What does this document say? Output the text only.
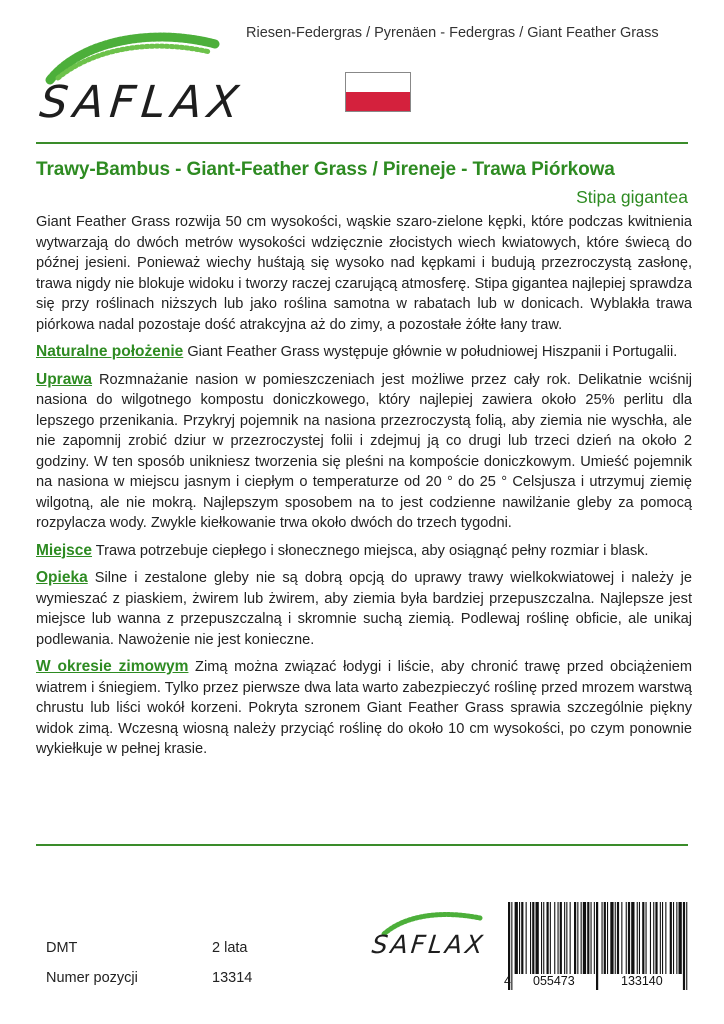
SAFLAX
Riesen-Federgras / Pyrenäen - Federgras / Giant Feather Grass
Trawy-Bambus - Giant-Feather Grass / Pireneje - Trawa Piórkowa
Stipa gigantea

Giant Feather Grass rozwija 50 cm wysokości, wąskie szaro-zielone kępki, które podczas kwitnienia wytwarzają do dwóch metrów wysokości wdzięcznie złocistych wiech kwiatowych, które świecą do późnej jesieni. Ponieważ wiechy huśtają się wysoko nad kępkami i budują przezroczystą zasłonę, trawa nigdy nie blokuje widoku i tworzy raczej czarującą atmosferę. Stipa gigantea najlepiej sprawdza się przy roślinach niższych lub jako roślina samotna w rabatach lub w donicach. Wyblakła trawa piórkowa nadal pozostaje dość atrakcyjna aż do zimy, a pozostałe żółte łany traw.

Naturalne położenie Giant Feather Grass występuje głównie w południowej Hiszpanii i Portugalii.

Uprawa Rozmnażanie nasion w pomieszczeniach jest możliwe przez cały rok. Delikatnie wciśnij nasiona do wilgotnego kompostu doniczkowego, który najlepiej zawiera około 25% perlitu dla lepszego przenikania. Przykryj pojemnik na nasiona przezroczystą folią, aby ziemia nie wyschła, ale nie zapomnij zrobić dziur w przezroczystej folii i zdejmuj ją co drugi lub trzeci dzień na około 2 godziny. W ten sposób unikniesz tworzenia się pleśni na kompoście doniczkowym. Umieść pojemnik na nasiona w miejscu jasnym i ciepłym o temperaturze od 20 ° do 25 ° Celsjusza i utrzymuj ziemię wilgotną, ale nie mokrą. Najlepszym sposobem na to jest codzienne nawilżanie gleby za pomocą rozpylacza wody. Zwykle kiełkowanie trwa około dwóch do trzech tygodni.

Miejsce Trawa potrzebuje ciepłego i słonecznego miejsca, aby osiągnąć pełny rozmiar i blask.

Opieka Silne i zestalone gleby nie są dobrą opcją do uprawy trawy wielkokwiatowej i należy je wymieszać z piaskiem, żwirem lub żwirem, aby ziemia była bardziej przepuszczalna. Najlepsze jest miejsce lub wanna z przepuszczalną i skromnie suchą ziemią. Podlewaj roślinę obficie, ale unikaj podlewania. Nawożenie nie jest konieczne.

W okresie zimowym Zimą można związać łodygi i liście, aby chronić trawę przed obciążeniem wiatrem i śniegiem. Tylko przez pierwsze dwa lata warto zabezpieczyć roślinę przed mrozem warstwą chrustu lub liści wokół korzeni. Pokryta szronem Giant Feather Grass sprawia szczególnie piękny widok zimą. Wczesną wiosną należy przyciąć roślinę do około 10 cm wysokości, po czym ponownie wykiełkuje w pełnej krasie.

DMT	2 lata
Numer pozycji	13314
SAFLAX
4 055473	133140
